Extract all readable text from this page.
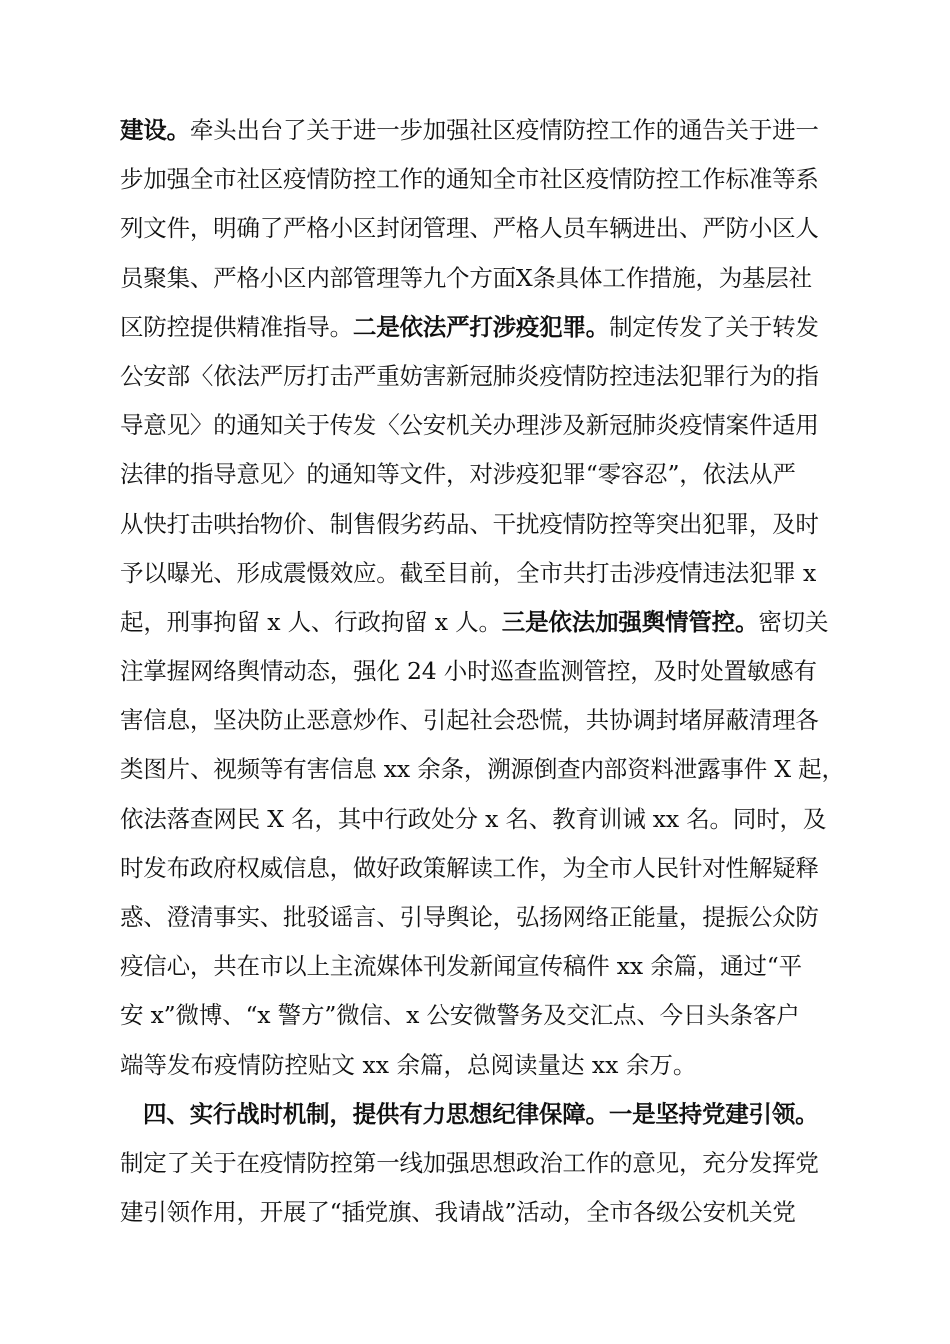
建设。牵头出台了关于进一步加强社区疫情防控工作的通告关于进一
步加强全市社区疫情防控工作的通知全市社区疫情防控工作标准等系
列文件，明确了严格小区封闭管理、严格人员车辆进出、严防小区人
员聚集、严格小区内部管理等九个方面X条具体工作措施，为基层社
区防控提供精准指导。二是依法严打涉疫犯罪。制定传发了关于转发
公安部〈依法严厉打击严重妨害新冠肺炎疫情防控违法犯罪行为的指
导意见〉的通知关于传发〈公安机关办理涉及新冠肺炎疫情案件适用
法律的指导意见〉的通知等文件，对涉疫犯罪“零容忍”，依法从严
从快打击哄抬物价、制售假劣药品、干扰疫情防控等突出犯罪，及时
予以曝光、形成震慑效应。截至目前，全市共打击涉疫情违法犯罪 x
起，刑事拘留 x 人、行政拘留 x 人。三是依法加强舆情管控。密切关
注掌握网络舆情动态，强化 24 小时巡查监测管控，及时处置敏感有
害信息，坚决防止恶意炒作、引起社会恐慌，共协调封堵屏蔽清理各
类图片、视频等有害信息 xx 余条，溯源倒查内部资料泄露事件 X 起，
依法落查网民 X 名，其中行政处分 x 名、教育训诫 xx 名。同时，及
时发布政府权威信息，做好政策解读工作，为全市人民针对性解疑释
惑、澄清事实、批驳谣言、引导舆论，弘扬网络正能量，提振公众防
疫信心，共在市以上主流媒体刊发新闻宣传稿件 xx 余篇，通过“平
安 x”微博、“x 警方”微信、x 公安微警务及交汇点、今日头条客户
端等发布疫情防控贴文 xx 余篇，总阅读量达 xx 余万。
四、实行战时机制，提供有力思想纪律保障。一是坚持党建引领。
制定了关于在疫情防控第一线加强思想政治工作的意见，充分发挥党
建引领作用，开展了“插党旗、我请战”活动，全市各级公安机关党
